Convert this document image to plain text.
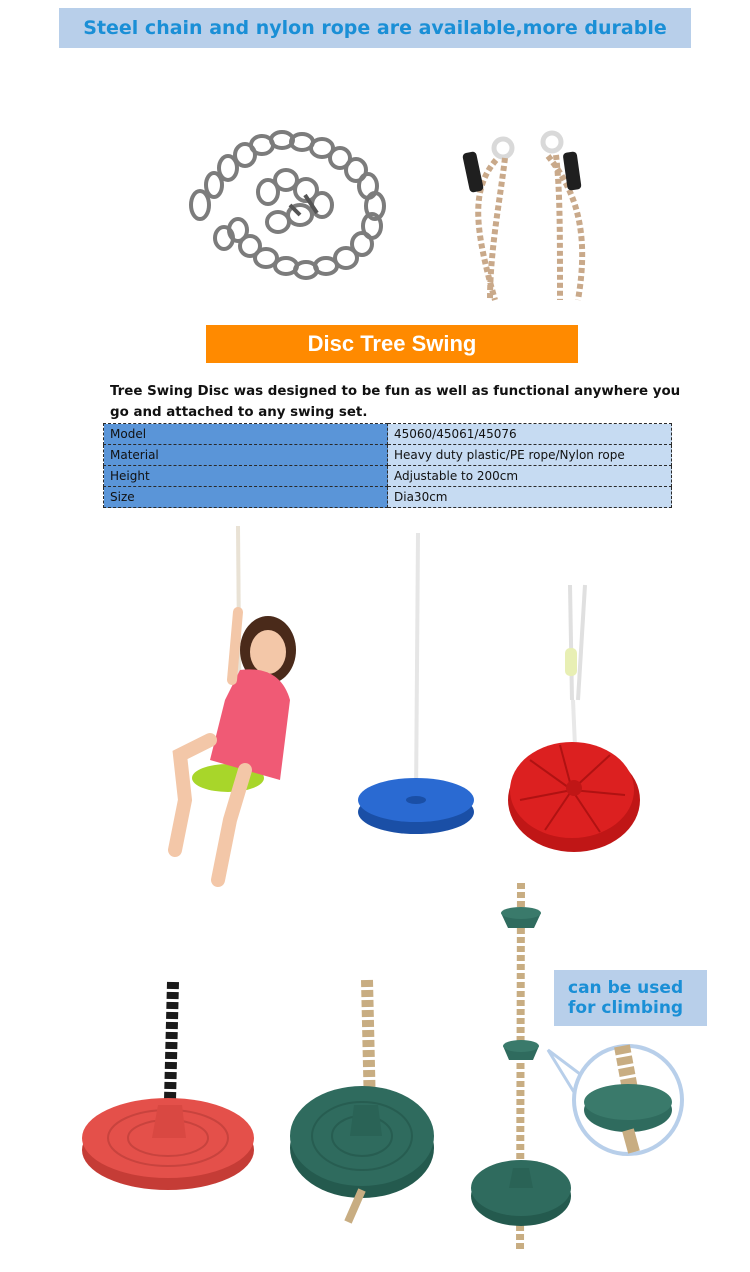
Steel chain and nylon rope are available,more durable
Disc Tree Swing
Tree Swing Disc was designed to be fun as well as functional anywhere you go and attached to any swing set.
Model	45060/45061/45076
Material	Heavy duty plastic/PE rope/Nylon rope
Height	Adjustable to 200cm
Size	Dia30cm
can be used
for climbing
